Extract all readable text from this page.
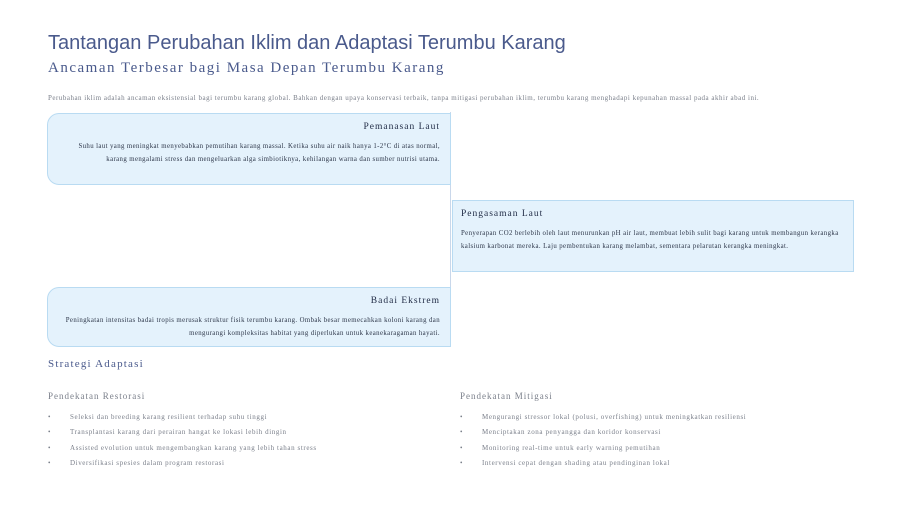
Tantangan Perubahan Iklim dan Adaptasi Terumbu Karang
Ancaman Terbesar bagi Masa Depan Terumbu Karang
Perubahan iklim adalah ancaman eksistensial bagi terumbu karang global. Bahkan dengan upaya konservasi terbaik, tanpa mitigasi perubahan iklim, terumbu karang menghadapi kepunahan massal pada akhir abad ini.
Pemanasan Laut

Suhu laut yang meningkat menyebabkan pemutihan karang massal. Ketika suhu air naik hanya 1-2°C di atas normal, karang mengalami stress dan mengeluarkan alga simbiotiknya, kehilangan warna dan sumber nutrisi utama.

Pengasaman Laut

Penyerapan CO2 berlebih oleh laut menurunkan pH air laut, membuat lebih sulit bagi karang untuk membangun kerangka kalsium karbonat mereka. Laju pembentukan karang melambat, sementara pelarutan kerangka meningkat.

Badai Ekstrem

Peningkatan intensitas badai tropis merusak struktur fisik terumbu karang. Ombak besar memecahkan koloni karang dan mengurangi kompleksitas habitat yang diperlukan untuk keanekaragaman hayati.

Strategi Adaptasi
Pendekatan Restorasi
•	Seleksi dan breeding karang resilient terhadap suhu tinggi
•	Transplantasi karang dari perairan hangat ke lokasi lebih dingin
•	Assisted evolution untuk mengembangkan karang yang lebih tahan stress
•	Diversifikasi spesies dalam program restorasi
Pendekatan Mitigasi
•	Mengurangi stressor lokal (polusi, overfishing) untuk meningkatkan resiliensi
•	Menciptakan zona penyangga dan koridor konservasi
•	Monitoring real-time untuk early warning pemutihan
•	Intervensi cepat dengan shading atau pendinginan lokal
